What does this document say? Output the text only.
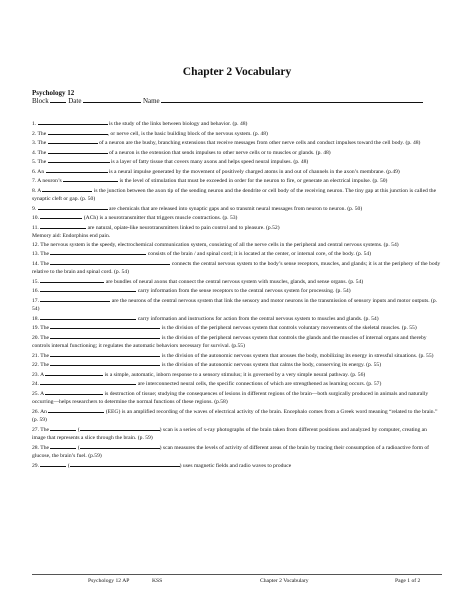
Chapter 2 Vocabulary
Psychology 12
Block	Date	Name
1.	is the study of the links between biology and behavior. (p. 48)
2. The	, or nerve cell, is the basic building block of the nervous system. (p. 48)
3. The	of a neuron are the bushy, branching extensions that receive messages from other nerve cells and conduct impulses toward the cell body. (p. 48)
4. The	of a neuron is the extension that sends impulses to other nerve cells or to muscles or glands. (p. 48)
5. The	is a layer of fatty tissue that covers many axons and helps speed neural impulses. (p. 48)
6. An	is a neural impulse generated by the movement of positively charged atoms in and out of channels in the axon’s membrane. (p.49)
7. A neuron’s	is the level of stimulation that must be exceeded in order for the neuron to fire, or generate an electrical impulse. (p. 50)
8. A	is the junction between the axon tip of the sending neuron and the dendrite or cell body of the receiving neuron. The tiny gap at this junction is called the synaptic cleft or gap. (p. 50)
9.	are chemicals that are released into synaptic gaps and so transmit neural messages from neuron to neuron. (p. 50)
10.	(ACh) is a neurotransmitter that triggers muscle contractions. (p. 53)
11.	are natural, opiate-like neurotransmitters linked to pain control and to pleasure. (p.52)
Memory aid: Endorphins end pain.
12. The nervous system is the speedy, electrochemical communication system, consisting of all the nerve cells in the peripheral and central nervous systems. (p. 54)
13. The	consists of the brain / and spinal cord; it is located at the center, or internal core, of the body. (p. 54)
14. The	connects the central nervous system to the body’s sense receptors, muscles, and glands; it is at the periphery of the body relative to the brain and spinal cord. (p. 54)
15.	are bundles of neural axons that connect the central nervous system with muscles, glands, and sense organs. (p. 54)
16.	carry information from the sense receptors to the central nervous system for processing. (p. 54)
17.	are the neurons of the central nervous system that link the sensory and motor neurons in the transmission of sensory inputs and motor outputs. (p. 54)
18.	carry information and instructions for action from the central nervous system to muscles and glands. (p. 54)
19. The	is the division of the peripheral nervous system that controls voluntary movements of the skeletal muscles. (p. 55)
20. The	is the division of the peripheral nervous system that controls the glands and the muscles of internal organs and thereby controls internal functioning; it regulates the automatic behaviors necessary for survival. (p.55)
21. The	is the division of the autonomic nervous system that arouses the body, mobilizing its energy in stressful situations. (p. 55)
22. The	is the division of the autonomic nervous system that calms the body, conserving its energy. (p. 55)
23. A	is a simple, automatic, inborn response to a sensory stimulus; it is governed by a very simple neural pathway. (p. 56)
24.	are interconnected neural cells, the specific connections of which are strengthened as learning occurs. (p. 57)
25. A	is destruction of tissue; studying the consequences of lesions in different regions of the brain—both surgically produced in animals and naturally occurring—helps researchers to determine the normal functions of these regions. (p.58)
26. An	(EEG) is an amplified recording of the waves of electrical activity of the brain. Encephalo comes from a Greek word meaning “related to the brain.” (p. 59)
27. The	(	) scan is a series of x-ray photographs of the brain taken from different positions and analyzed by computer, creating an image that represents a slice through the brain. (p. 59)
28. The	(	) scan measures the levels of activity of different areas of the brain by tracing their consumption of a radioactive form of glucose, the brain’s fuel. (p.59)
29.	(	) uses magnetic fields and radio waves to produce
Psychology 12 AP	KSS	Chapter 2 Vocabulary	Page 1 of 2
